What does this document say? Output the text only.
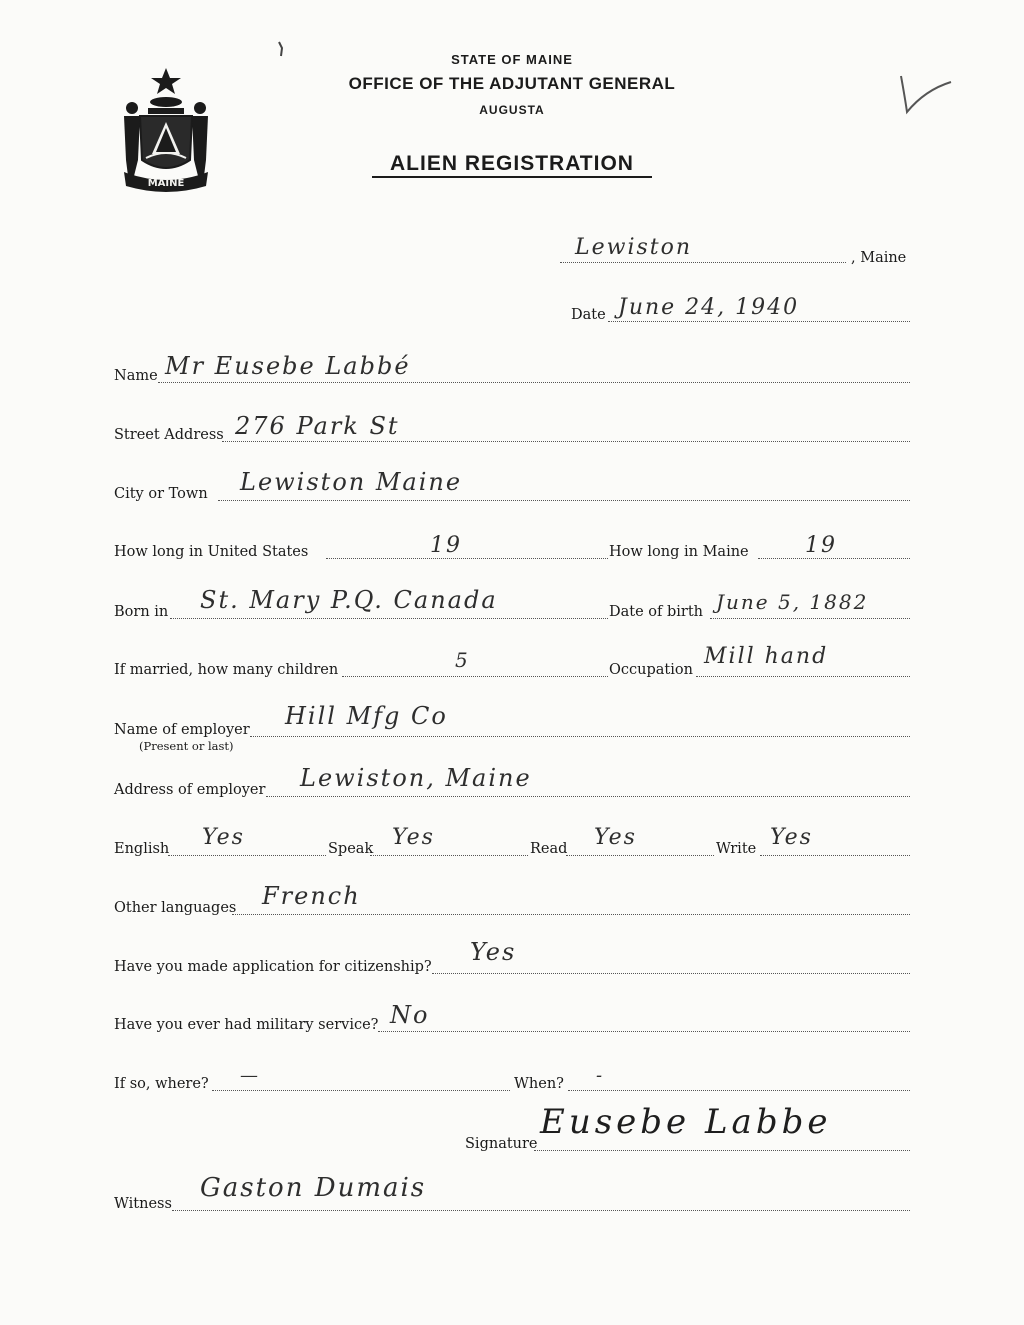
MAINE
STATE OF MAINE
OFFICE OF THE ADJUTANT GENERAL
AUGUSTA
ALIEN REGISTRATION
Lewiston	, Maine
Date June 24, 1940
Name Mr Eusebe Labbé
Street Address 276 Park St
City or Town Lewiston Maine
How long in United States	19	How long in Maine	19
Born in St. Mary P.Q. Canada	Date of birth June 5, 1882
If married, how many children	5	Occupation
Mill hand
Name of employer
(Present or last)
Hill Mfg Co
Address of employer Lewiston, Maine
English Yes	Speak Yes	Read Yes	Write Yes
Other languages French
Have you made application for citizenship?
Yes
Have you ever had military service? No
If so, where? —	When? -
Signature
Eusebe Labbe
Witness
Gaston Dumais
